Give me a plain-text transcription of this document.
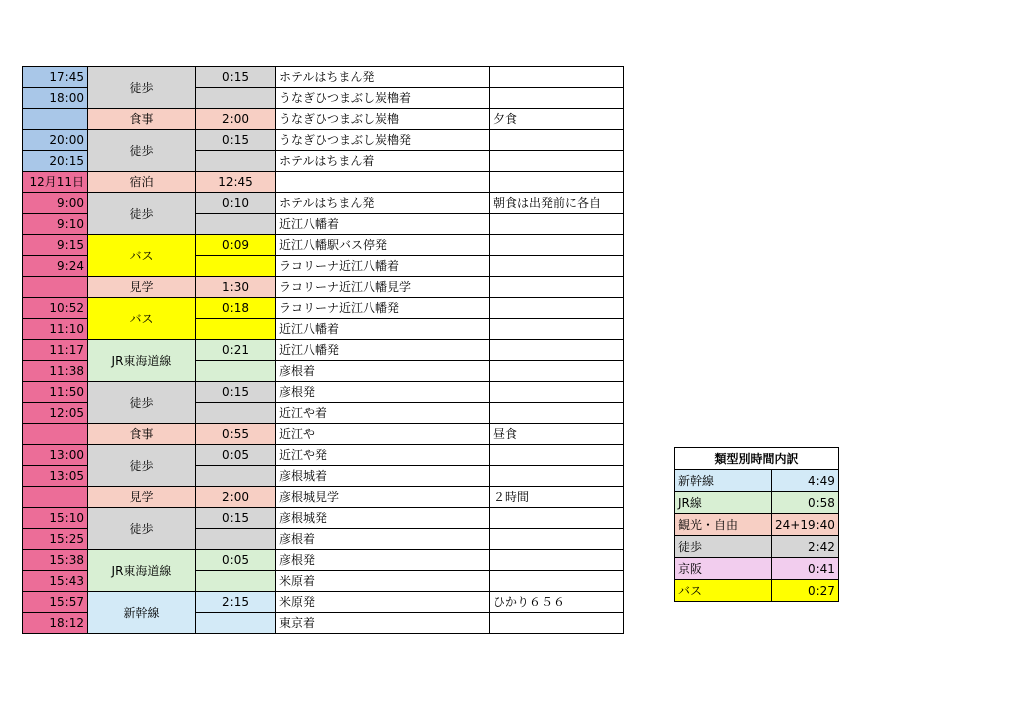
17:45	徒歩	0:15	ホテルはちまん発	
18:00			うなぎひつまぶし炭櫓着	
	食事	2:00	うなぎひつまぶし炭櫓	夕食
20:00	徒歩	0:15	うなぎひつまぶし炭櫓発	
20:15			ホテルはちまん着	
12月11日	宿泊	12:45		
9:00	徒歩	0:10	ホテルはちまん発	朝食は出発前に各自
9:10			近江八幡着	
9:15	バス	0:09	近江八幡駅バス停発	
9:24			ラコリーナ近江八幡着	
	見学	1:30	ラコリーナ近江八幡見学	
10:52	バス	0:18	ラコリーナ近江八幡発	
11:10			近江八幡着	
11:17	JR東海道線	0:21	近江八幡発	
11:38			彦根着	
11:50	徒歩	0:15	彦根発	
12:05			近江や着	
	食事	0:55	近江や	昼食
13:00	徒歩	0:05	近江や発	
13:05			彦根城着	
	見学	2:00	彦根城見学	２時間
15:10	徒歩	0:15	彦根城発	
15:25			彦根着	
15:38	JR東海道線	0:05	彦根発	
15:43			米原着	
15:57	新幹線	2:15	米原発	ひかり６５６
18:12			東京着	
類型別時間内訳	
新幹線	4:49
JR線	0:58
観光・自由	24+19:40
徒歩	2:42
京阪	0:41
バス	0:27
